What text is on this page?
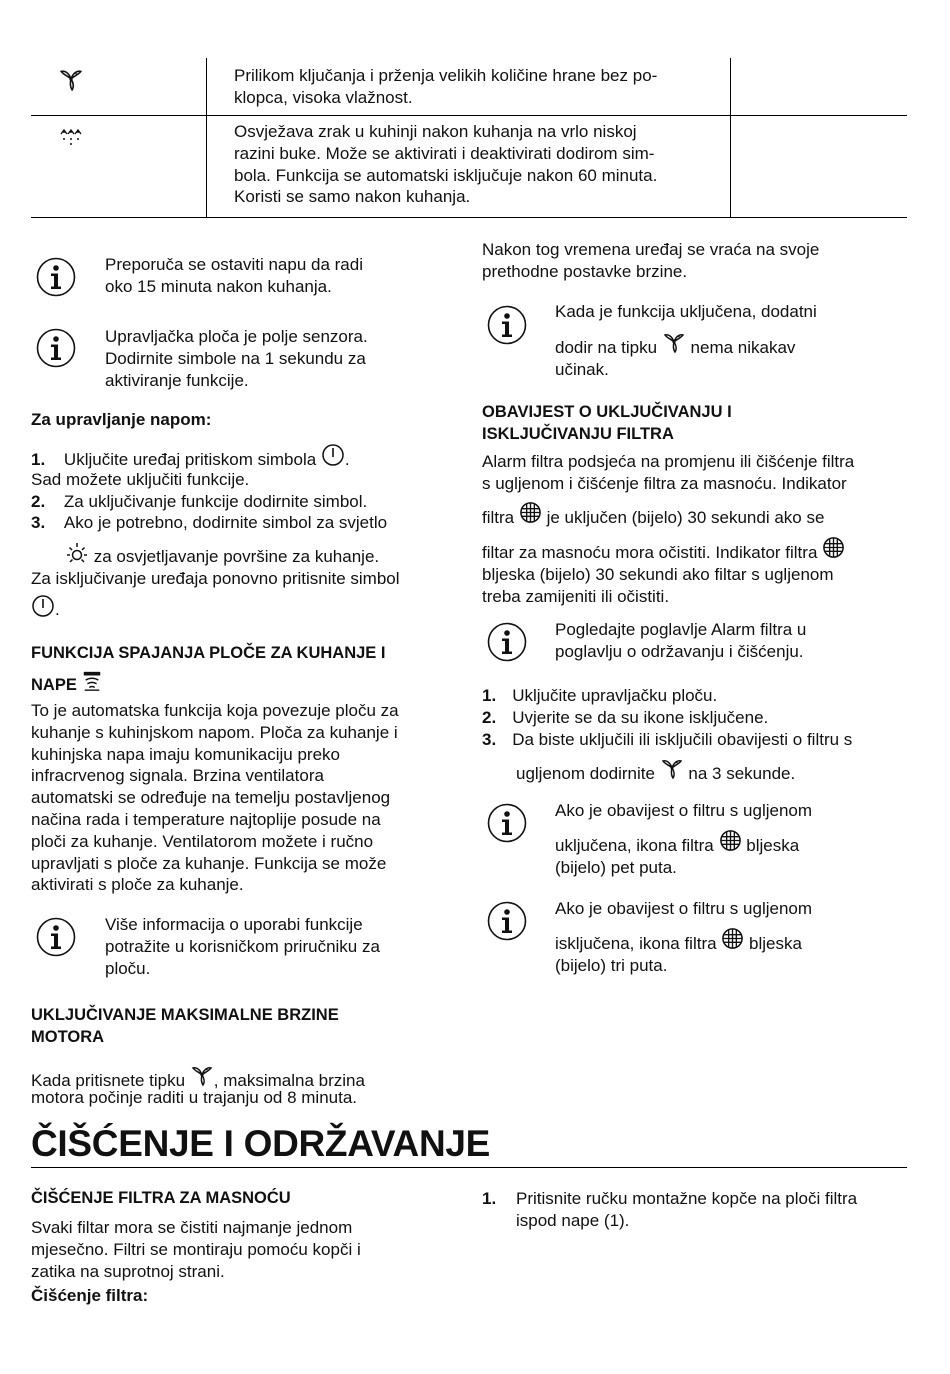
Prilikom ključanja i prženja velikih količine hrane bez po-
klopca, visoka vlažnost.
Osvježava zrak u kuhinji nakon kuhanja na vrlo niskoj
razini buke. Može se aktivirati i deaktivirati dodirom sim-
bola. Funkcija se automatski isključuje nakon 60 minuta.
Koristi se samo nakon kuhanja.
Preporuča se ostaviti napu da radi
oko 15 minuta nakon kuhanja.
Upravljačka ploča je polje senzora.
Dodirnite simbole na 1 sekundu za
aktiviranje funkcije.
Za upravljanje napom:
1. Uključite uređaj pritiskom simbola .
Sad možete uključiti funkcije.
2. Za uključivanje funkcije dodirnite simbol.
3. Ako je potrebno, dodirnite simbol za svjetlo
za osvjetljavanje površine za kuhanje.
Za isključivanje uređaja ponovno pritisnite simbol
.
FUNKCIJA SPAJANJA PLOČE ZA KUHANJE I
NAPE
To je automatska funkcija koja povezuje ploču za
kuhanje s kuhinjskom napom. Ploča za kuhanje i
kuhinjska napa imaju komunikaciju preko
infracrvenog signala. Brzina ventilatora
automatski se određuje na temelju postavljenog
načina rada i temperature najtoplije posude na
ploči za kuhanje. Ventilatorom možete i ručno
upravljati s ploče za kuhanje. Funkcija se može
aktivirati s ploče za kuhanje.
Više informacija o uporabi funkcije
potražite u korisničkom priručniku za
ploču.
UKLJUČIVANJE MAKSIMALNE BRZINE
MOTORA
Kada pritisnete tipku , maksimalna brzina
motora počinje raditi u trajanju od 8 minuta.
Nakon tog vremena uređaj se vraća na svoje
prethodne postavke brzine.
Kada je funkcija uključena, dodatni
dodir na tipku nema nikakav
učinak.
OBAVIJEST O UKLJUČIVANJU I
ISKLJUČIVANJU FILTRA
Alarm filtra podsjeća na promjenu ili čišćenje filtra
s ugljenom i čišćenje filtra za masnoću. Indikator
filtra je uključen (bijelo) 30 sekundi ako se
filtar za masnoću mora očistiti. Indikator filtra
bljeska (bijelo) 30 sekundi ako filtar s ugljenom
treba zamijeniti ili očistiti.
Pogledajte poglavlje Alarm filtra u
poglavlju o održavanju i čišćenju.
1. Uključite upravljačku ploču.
2. Uvjerite se da su ikone isključene.
3. Da biste uključili ili isključili obavijesti o filtru s
ugljenom dodirnite na 3 sekunde.
Ako je obavijest o filtru s ugljenom
uključena, ikona filtra bljeska
(bijelo) pet puta.
Ako je obavijest o filtru s ugljenom
isključena, ikona filtra bljeska
(bijelo) tri puta.
ČIŠĆENJE I ODRŽAVANJE
ČIŠĆENJE FILTRA ZA MASNOĆU
Svaki filtar mora se čistiti najmanje jednom
mjesečno. Filtri se montiraju pomoću kopči i
zatika na suprotnoj strani.
Čišćenje filtra:
1. Pritisnite ručku montažne kopče na ploči filtra
ispod nape (1).
